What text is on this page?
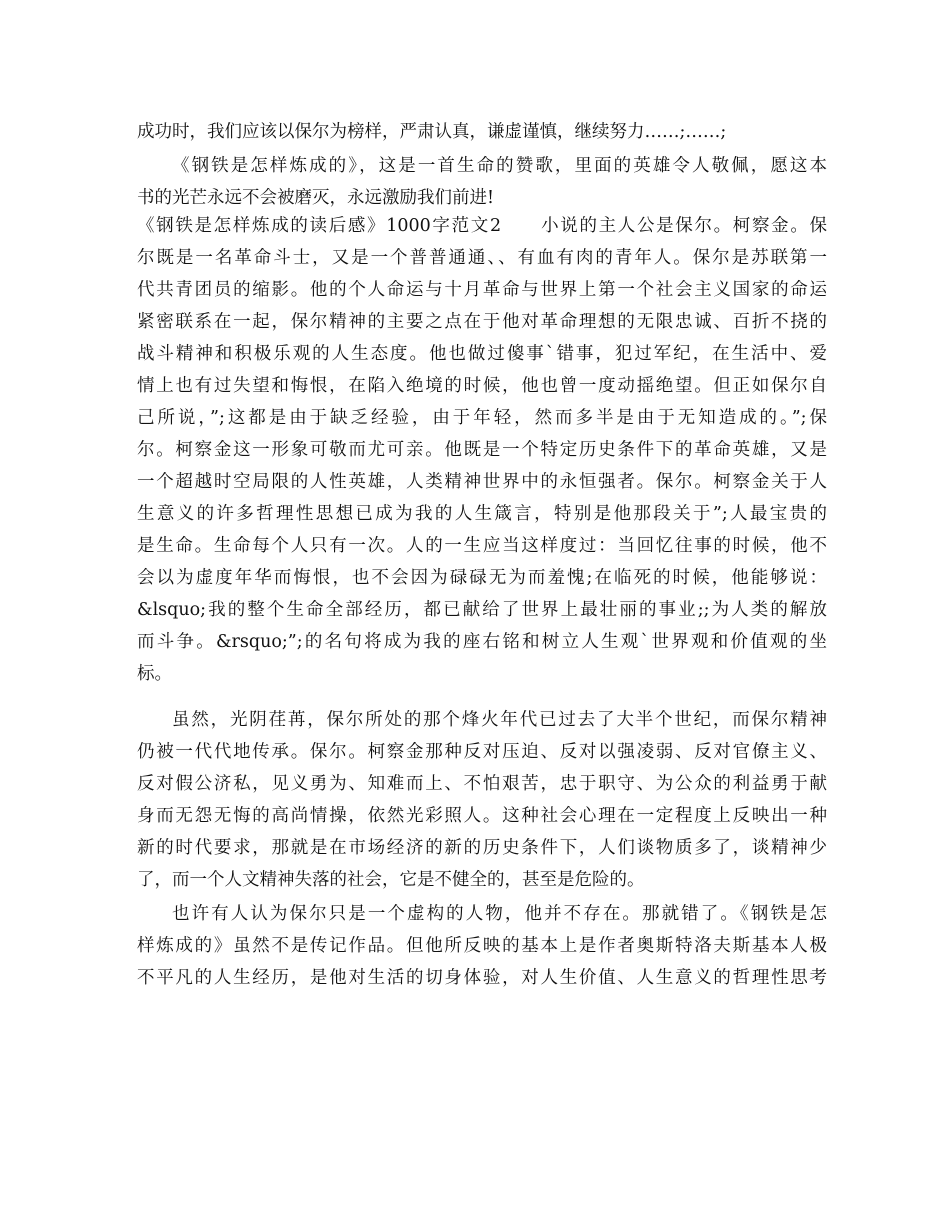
成功时，我们应该以保尔为榜样，严肃认真，谦虚谨慎，继续努力……;……;
《钢铁是怎样炼成的》，这是一首生命的赞歌，里面的英雄令人敬佩，愿这本
书的光芒永远不会被磨灭，永远激励我们前进!
《钢铁是怎样炼成的读后感》1000字范文2　　小说的主人公是保尔。柯察金。保
尔既是一名革命斗士，又是一个普普通通、、有血有肉的青年人。保尔是苏联第一
代共青团员的缩影。他的个人命运与十月革命与世界上第一个社会主义国家的命运
紧密联系在一起，保尔精神的主要之点在于他对革命理想的无限忠诚、百折不挠的
战斗精神和积极乐观的人生态度。他也做过傻事`错事，犯过军纪，在生活中、爱
情上也有过失望和悔恨，在陷入绝境的时候，他也曾一度动摇绝望。但正如保尔自
己所说，”;这都是由于缺乏经验，由于年轻，然而多半是由于无知造成的。”;保
尔。柯察金这一形象可敬而尤可亲。他既是一个特定历史条件下的革命英雄，又是
一个超越时空局限的人性英雄，人类精神世界中的永恒强者。保尔。柯察金关于人
生意义的许多哲理性思想已成为我的人生箴言，特别是他那段关于”;人最宝贵的
是生命。生命每个人只有一次。人的一生应当这样度过：当回忆往事的时候，他不
会以为虚度年华而悔恨，也不会因为碌碌无为而羞愧;在临死的时候，他能够说：
&lsquo;我的整个生命全部经历，都已献给了世界上最壮丽的事业;;为人类的解放
而斗争。&rsquo;”;的名句将成为我的座右铭和树立人生观`世界观和价值观的坐
标。
虽然，光阴荏苒，保尔所处的那个烽火年代已过去了大半个世纪，而保尔精神
仍被一代代地传承。保尔。柯察金那种反对压迫、反对以强凌弱、反对官僚主义、
反对假公济私，见义勇为、知难而上、不怕艰苦，忠于职守、为公众的利益勇于献
身而无怨无悔的高尚情操，依然光彩照人。这种社会心理在一定程度上反映出一种
新的时代要求，那就是在市场经济的新的历史条件下，人们谈物质多了，谈精神少
了，而一个人文精神失落的社会，它是不健全的，甚至是危险的。
也许有人认为保尔只是一个虚构的人物，他并不存在。那就错了。《钢铁是怎
样炼成的》虽然不是传记作品。但他所反映的基本上是作者奥斯特洛夫斯基本人极
不平凡的人生经历，是他对生活的切身体验，对人生价值、人生意义的哲理性思考
